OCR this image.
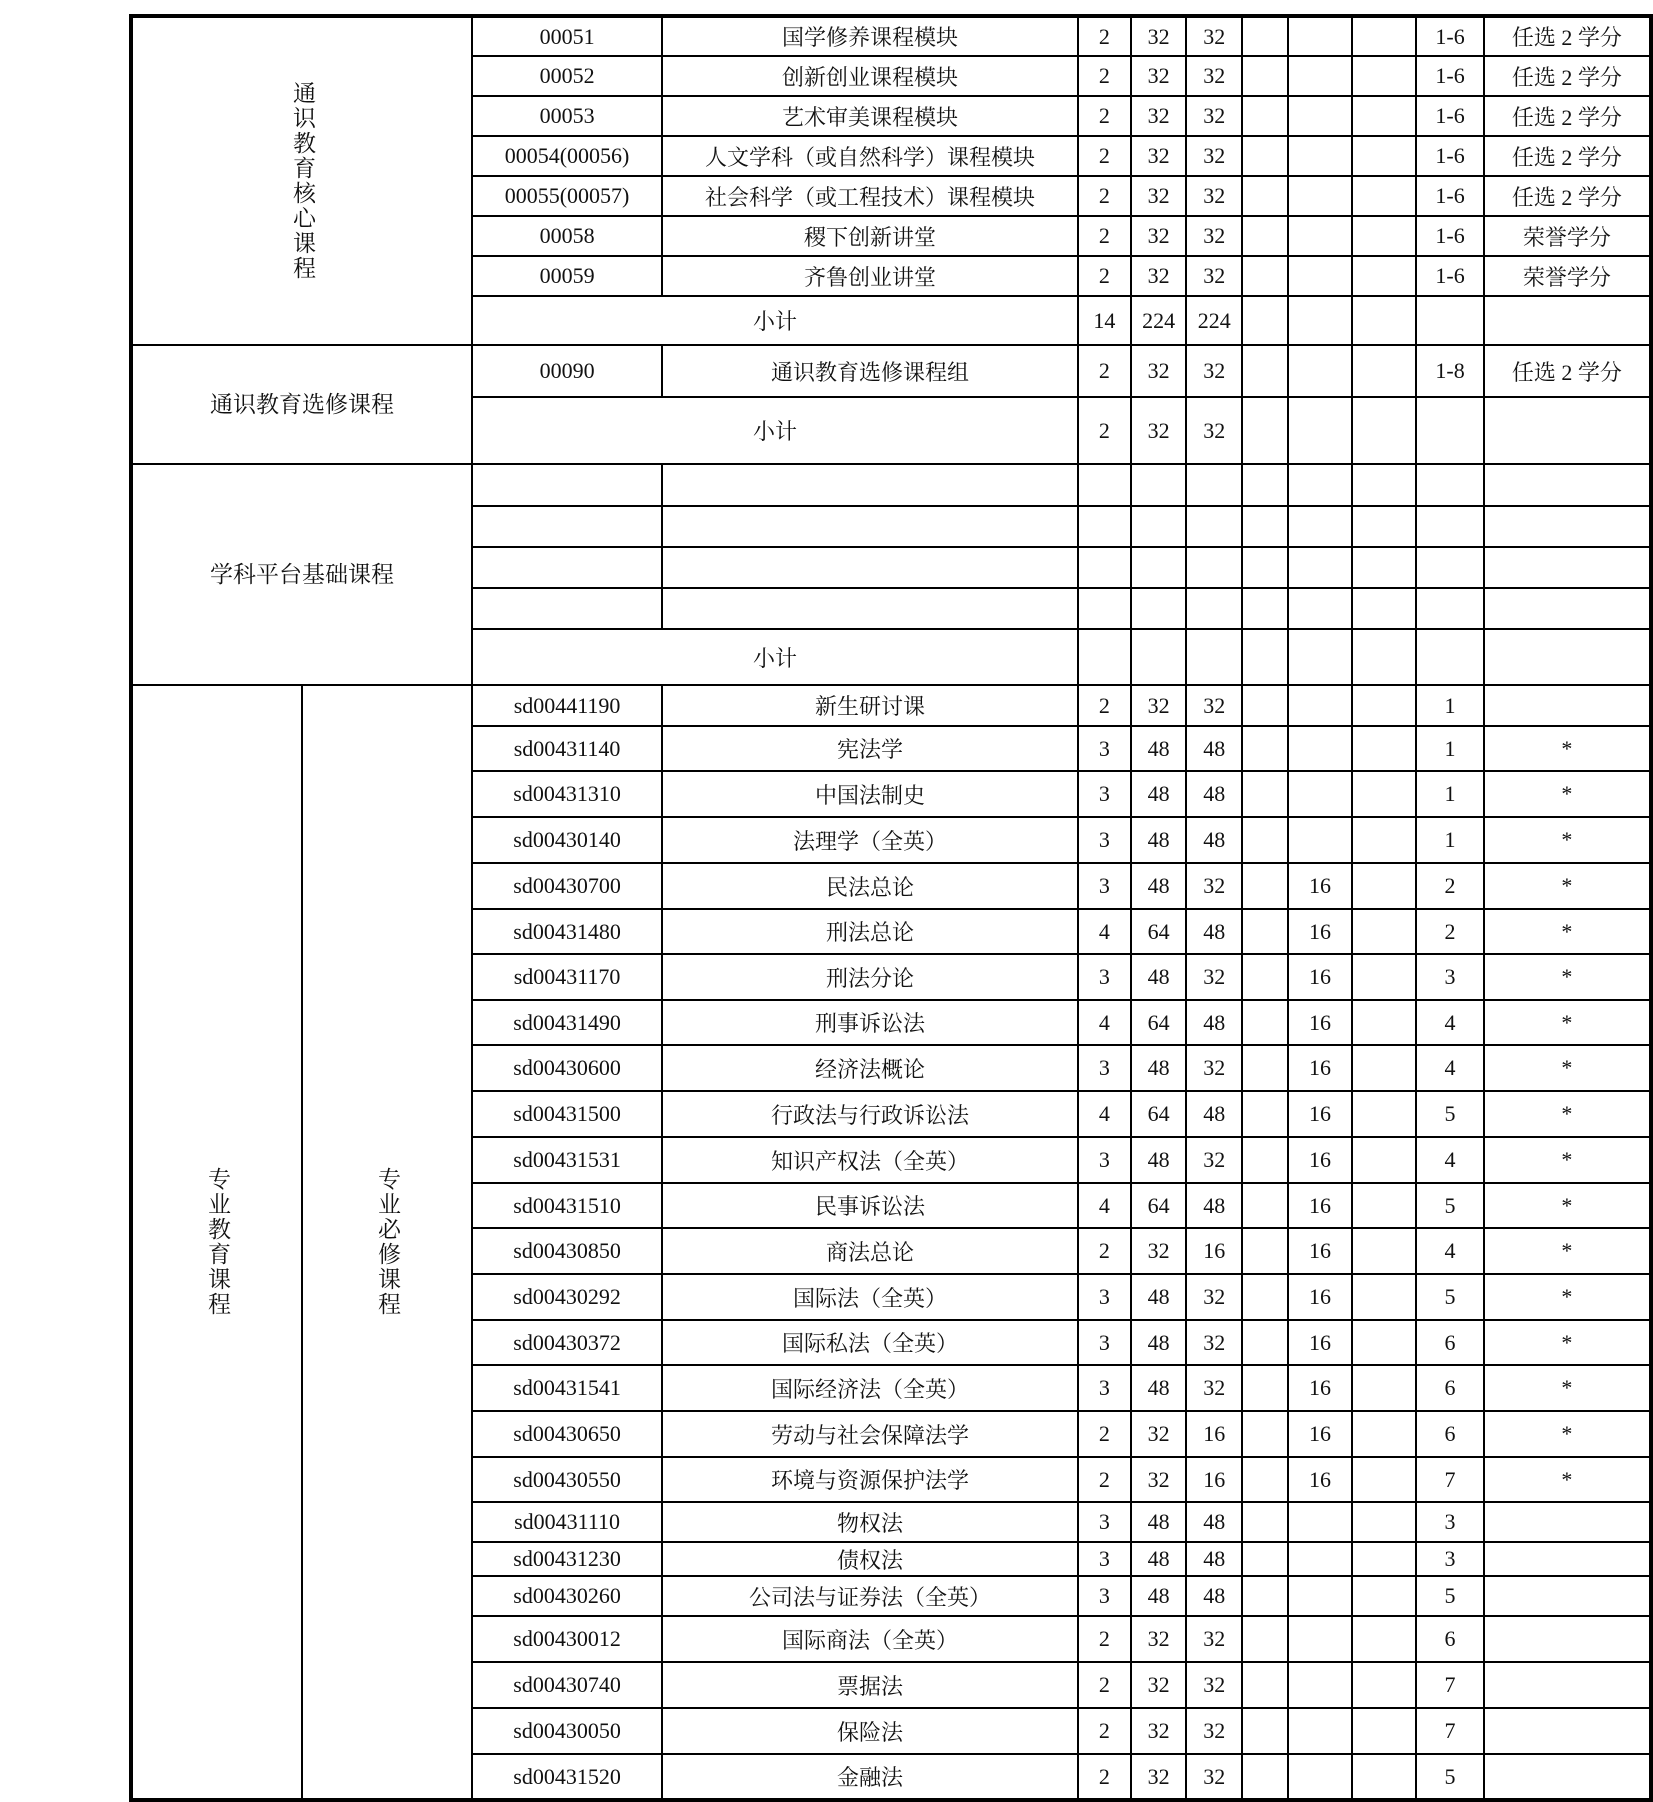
通识教育核心课程		00051	国学修养课程模块	2	32	32				1-6	任选 2 学分
		00052	创新创业课程模块	2	32	32				1-6	任选 2 学分
		00053	艺术审美课程模块	2	32	32				1-6	任选 2 学分
		00054(00056)	人文学科（或自然科学）课程模块	2	32	32				1-6	任选 2 学分
		00055(00057)	社会科学（或工程技术）课程模块	2	32	32				1-6	任选 2 学分
		00058	稷下创新讲堂	2	32	32				1-6	荣誉学分
		00059	齐鲁创业讲堂	2	32	32				1-6	荣誉学分
		小计		14	224	224					
通识教育选修课程		00090	通识教育选修课程组	2	32	32				1-8	任选 2 学分
		小计		2	32	32					
学科平台基础课程											

		小计									
专业教育课程	专业必修课程	sd00441190	新生研讨课	2	32	32				1	
		sd00431140	宪法学	3	48	48				1	*
		sd00431310	中国法制史	3	48	48				1	*
		sd00430140	法理学（全英）	3	48	48				1	*
		sd00430700	民法总论	3	48	32		16		2	*
		sd00431480	刑法总论	4	64	48		16		2	*
		sd00431170	刑法分论	3	48	32		16		3	*
		sd00431490	刑事诉讼法	4	64	48		16		4	*
		sd00430600	经济法概论	3	48	32		16		4	*
		sd00431500	行政法与行政诉讼法	4	64	48		16		5	*
		sd00431531	知识产权法（全英）	3	48	32		16		4	*
		sd00431510	民事诉讼法	4	64	48		16		5	*
		sd00430850	商法总论	2	32	16		16		4	*
		sd00430292	国际法（全英）	3	48	32		16		5	*
		sd00430372	国际私法（全英）	3	48	32		16		6	*
		sd00431541	国际经济法（全英）	3	48	32		16		6	*
		sd00430650	劳动与社会保障法学	2	32	16		16		6	*
		sd00430550	环境与资源保护法学	2	32	16		16		7	*
		sd00431110	物权法	3	48	48				3	
		sd00431230	债权法	3	48	48				3	
		sd00430260	公司法与证券法（全英）	3	48	48				5	
		sd00430012	国际商法（全英）	2	32	32				6	
		sd00430740	票据法	2	32	32				7	
		sd00430050	保险法	2	32	32				7	
		sd00431520	金融法	2	32	32				5	
